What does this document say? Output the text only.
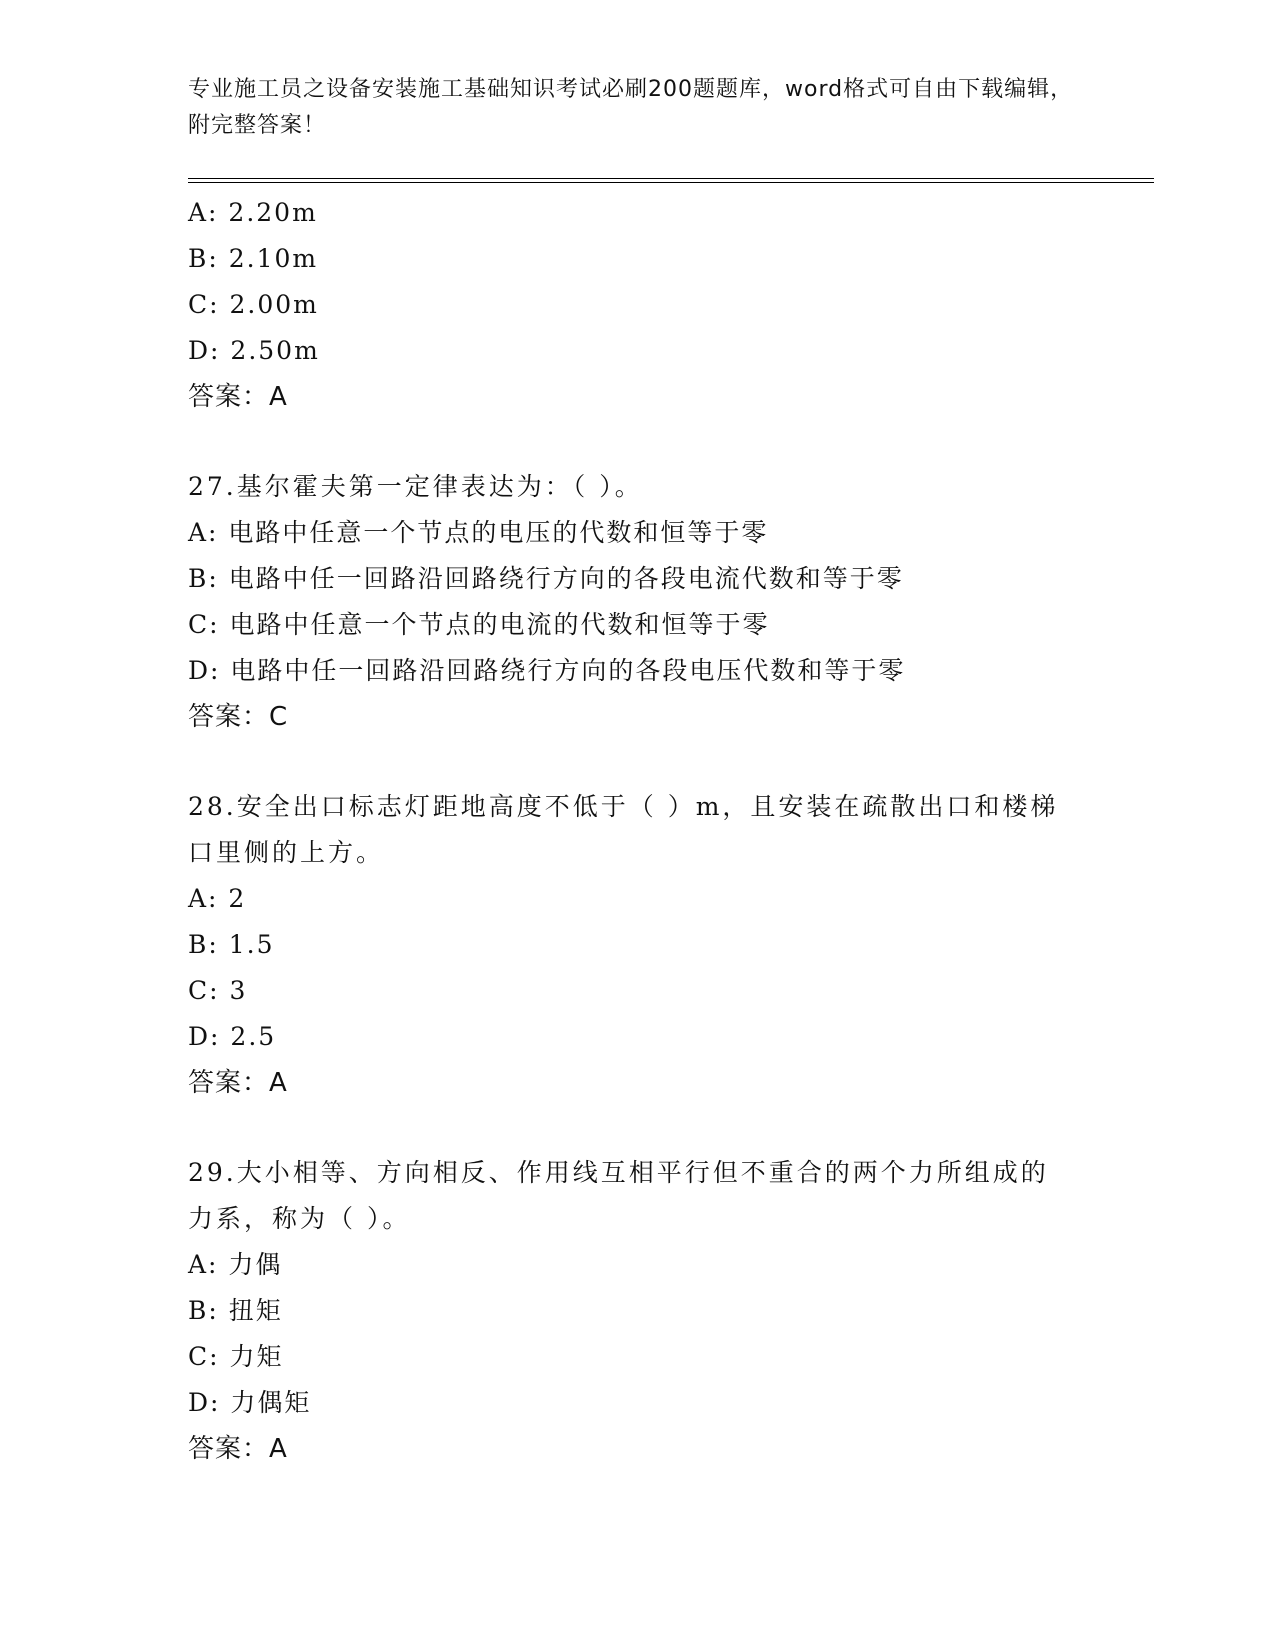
专业施工员之设备安装施工基础知识考试必刷200题题库，word格式可自由下载编辑，附完整答案！
A: 2.20m
B: 2.10m
C: 2.00m
D: 2.50m
答案：A
27.基尔霍夫第一定律表达为：（ ）。
A: 电路中任意一个节点的电压的代数和恒等于零
B: 电路中任一回路沿回路绕行方向的各段电流代数和等于零
C: 电路中任意一个节点的电流的代数和恒等于零
D: 电路中任一回路沿回路绕行方向的各段电压代数和等于零
答案：C
28.安全出口标志灯距地高度不低于（ ）m，且安装在疏散出口和楼梯口里侧的上方。
A: 2
B: 1.5
C: 3
D: 2.5
答案：A
29.大小相等、方向相反、作用线互相平行但不重合的两个力所组成的力系，称为（ ）。
A: 力偶
B: 扭矩
C: 力矩
D: 力偶矩
答案：A
